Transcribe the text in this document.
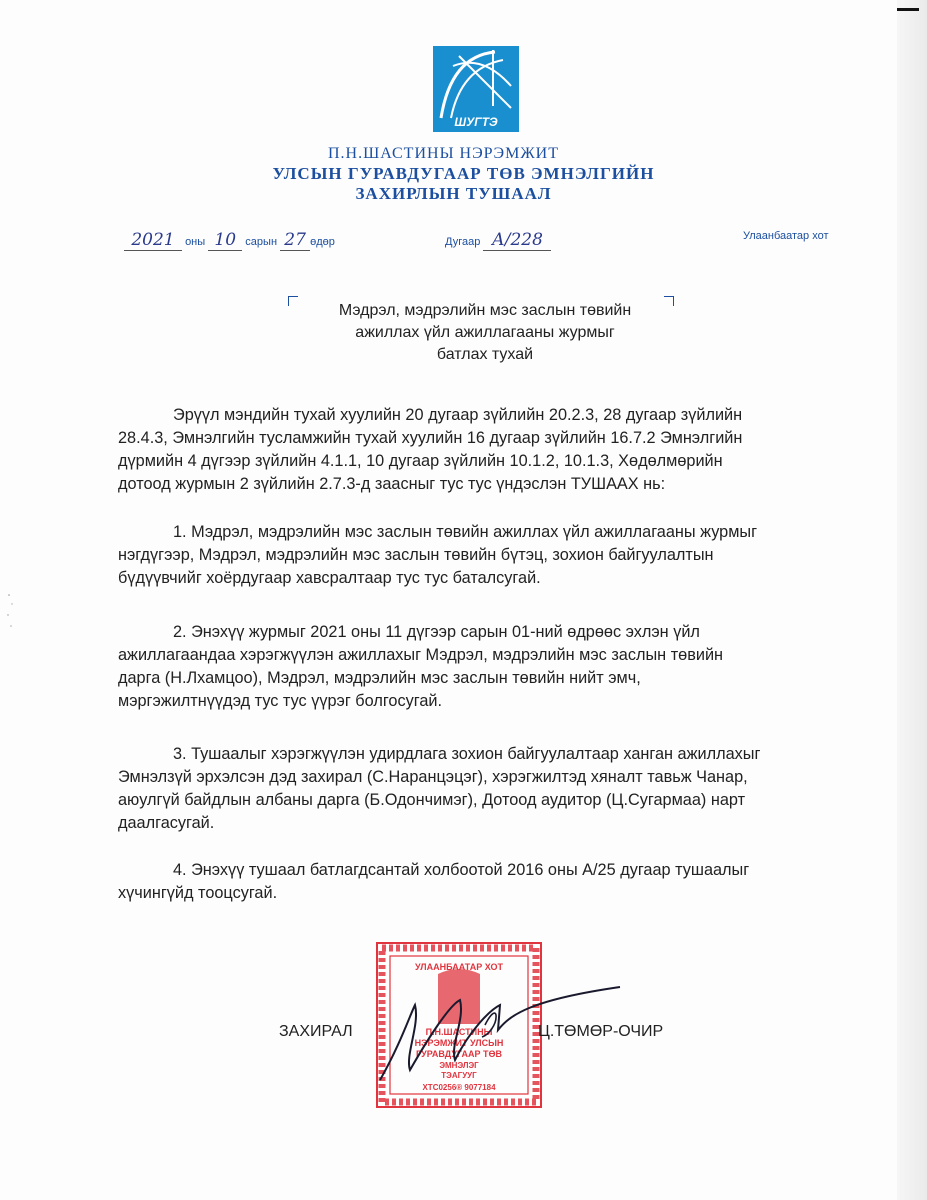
ШУГТЭ
П.Н.ШАСТИНЫ НЭРЭМЖИТ
УЛСЫН ГУРАВДУГААР ТӨВ ЭМНЭЛГИЙН
ЗАХИРЛЫН ТУШААЛ
2021 оны 10 сарын 27 өдөр	Дугаар А/228	Улаанбаатар хот
Мэдрэл, мэдрэлийн мэс заслын төвийн
ажиллах үйл ажиллагааны журмыг
батлах тухай

Эрүүл мэндийн тухай хуулийн 20 дугаар зүйлийн 20.2.3, 28 дугаар зүйлийн

28.4.3, Эмнэлгийн тусламжийн тухай хуулийн 16 дугаар зүйлийн 16.7.2 Эмнэлгийн

дүрмийн 4 дүгээр зүйлийн 4.1.1, 10 дугаар зүйлийн 10.1.2, 10.1.3, Хөдөлмөрийн

дотоод журмын 2 зүйлийн 2.7.3-д заасныг тус тус үндэслэн ТУШААХ нь:

1. Мэдрэл, мэдрэлийн мэс заслын төвийн ажиллах үйл ажиллагааны журмыг

нэгдүгээр, Мэдрэл, мэдрэлийн мэс заслын төвийн бүтэц, зохион байгуулалтын

бүдүүвчийг хоёрдугаар хавсралтаар тус тус баталсугай.

2. Энэхүү журмыг 2021 оны 11 дүгээр сарын 01-ний өдрөөс эхлэн үйл

ажиллагаандаа хэрэгжүүлэн ажиллахыг Мэдрэл, мэдрэлийн мэс заслын төвийн

дарга (Н.Лхамцоо), Мэдрэл, мэдрэлийн мэс заслын төвийн нийт эмч,

мэргэжилтнүүдэд тус тус үүрэг болгосугай.

3. Тушаалыг хэрэгжүүлэн удирдлага зохион байгуулалтаар ханган ажиллахыг

Эмнэлзүй эрхэлсэн дэд захирал (С.Наранцэцэг), хэрэгжилтэд хяналт тавьж Чанар,

аюулгүй байдлын албаны дарга (Б.Одончимэг), Дотоод аудитор (Ц.Сугармаа) нарт

даалгасугай.

4. Энэхүү тушаал батлагдсантай холбоотой 2016 оны А/25 дугаар тушаалыг

хүчингүйд тооцсугай.

УЛААНБААТАР ХОТ
П.Н.ШАСТИНЫ
НЭРЭМЖИТ УЛСЫН
ГУРАВДУГААР ТӨВ
ЭМНЭЛЭГ
ТЭАГУУГ
ХТС0256® 9077184
ЗАХИРАЛ	Ц.ТӨМӨР-ОЧИР
